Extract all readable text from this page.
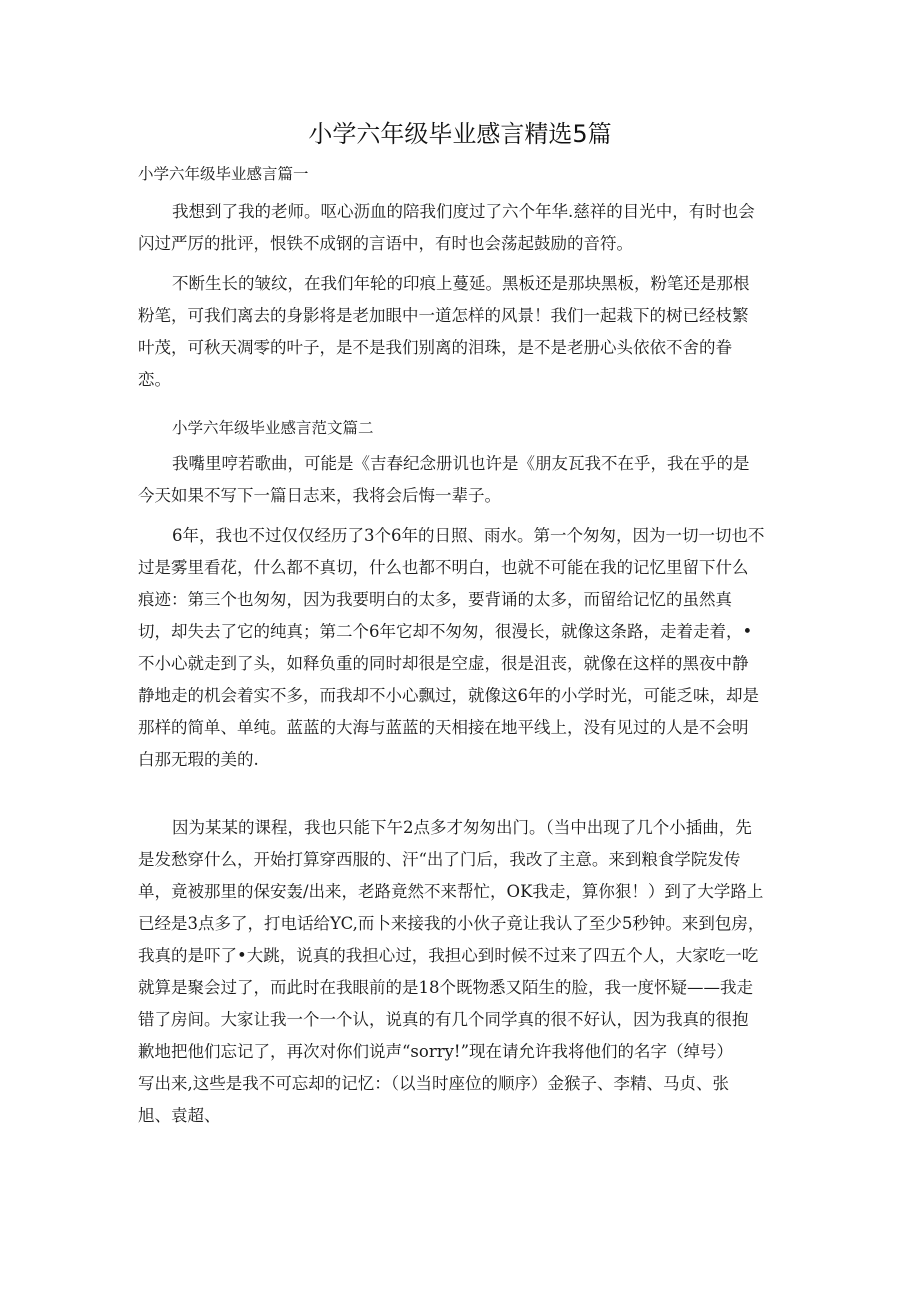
小学六年级毕业感言精选5篇
小学六年级毕业感言篇一
我想到了我的老师。呕心沥血的陪我们度过了六个年华.慈祥的目光中，有时也会
闪过严厉的批评，恨铁不成钢的言语中，有时也会荡起鼓励的音符。
不断生长的皱纹，在我们年轮的印痕上蔓延。黑板还是那块黑板，粉笔还是那根
粉笔，可我们离去的身影将是老加眼中一道怎样的风景！我们一起栽下的树已经枝繁
叶茂，可秋天凋零的叶子，是不是我们别离的泪珠，是不是老册心头依依不舍的眷
恋。
小学六年级毕业感言范文篇二
我嘴里哼若歌曲，可能是《吉春纪念册讥也许是《朋友瓦我不在乎，我在乎的是
今天如果不写下一篇日志来，我将会后悔一辈子。
6年，我也不过仅仅经历了3个6年的日照、雨水。第一个匆匆，因为一切一切也不
过是雾里看花，什么都不真切，什么也都不明白，也就不可能在我的记忆里留下什么
痕迹：第三个也匆匆，因为我要明白的太多，要背诵的太多，而留给记忆的虽然真
切，却失去了它的纯真；第二个6年它却不匆匆，很漫长，就像这条路，走着走着，•
不小心就走到了头，如释负重的同时却很是空虚，很是沮丧，就像在这样的黑夜中静
静地走的机会着实不多，而我却不小心飘过，就像这6年的小学时光，可能乏味，却是
那样的简单、单纯。蓝蓝的大海与蓝蓝的天相接在地平线上，没有见过的人是不会明
白那无瑕的美的.
因为某某的课程，我也只能下午2点多才匆匆出门。（当中出现了几个小插曲，先
是发愁穿什么，开始打算穿西服的、汗“出了门后，我改了主意。来到粮食学院发传
单，竟被那里的保安轰/出来，老路竟然不来帮忙，OK我走，算你狠！）到了大学路上
已经是3点多了，打电话给YC,而卜来接我的小伙子竟让我认了至少5秒钟。来到包房，
我真的是吓了•大跳，说真的我担心过，我担心到时候不过来了四五个人，大家吃一吃
就算是聚会过了，而此时在我眼前的是18个既物悉又陌生的脸，我一度怀疑——我走
错了房间。大家让我一个一个认，说真的有几个同学真的很不好认，因为我真的很抱
歉地把他们忘记了，再次对你们说声“sorry!”现在请允许我将他们的名字（绰号）
写出来,这些是我不可忘却的记忆：（以当时座位的顺序）金猴子、李精、马贞、张
旭、袁超、
